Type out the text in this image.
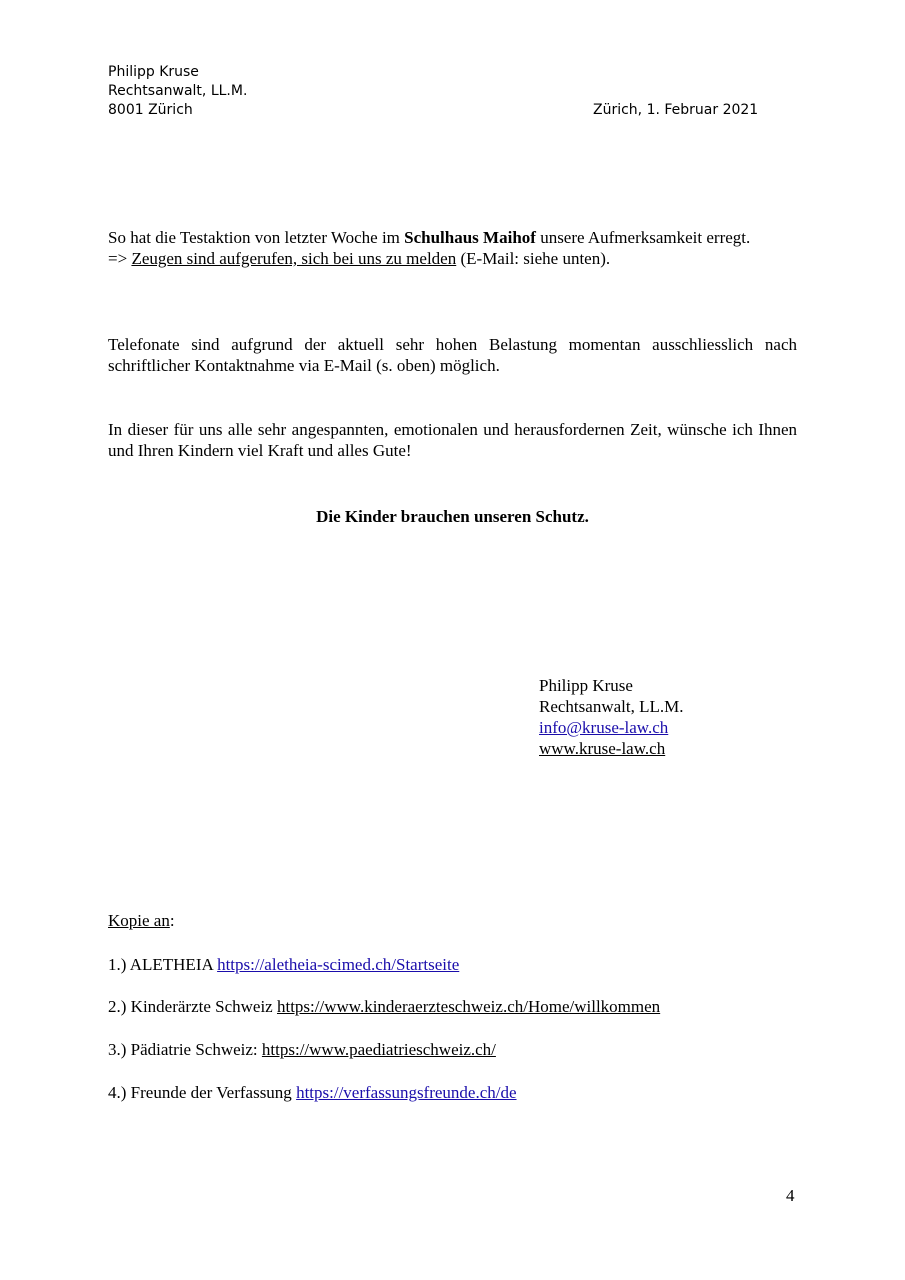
Philipp Kruse
Rechtsanwalt, LL.M.
8001 Zürich	Zürich, 1. Februar 2021

So hat die Testaktion von letzter Woche im Schulhaus Maihof unsere Aufmerksamkeit erregt.

=> Zeugen sind aufgerufen, sich bei uns zu melden (E-Mail: siehe unten).

Telefonate sind aufgrund der aktuell sehr hohen Belastung momentan ausschliesslich nach schriftlicher Kontaktnahme via E-Mail (s. oben) möglich.

In dieser für uns alle sehr angespannten, emotionalen und herausfordernen Zeit, wünsche ich Ihnen und Ihren Kindern viel Kraft und alles Gute!

Die Kinder brauchen unseren Schutz.
Philipp Kruse
Rechtsanwalt, LL.M.
info@kruse-law.ch
www.kruse-law.ch
Kopie an:
1.) ALETHEIA https://aletheia-scimed.ch/Startseite
2.) Kinderärzte Schweiz https://www.kinderaerzteschweiz.ch/Home/willkommen
3.) Pädiatrie Schweiz: https://www.paediatrieschweiz.ch/
4.) Freunde der Verfassung https://verfassungsfreunde.ch/de
4
